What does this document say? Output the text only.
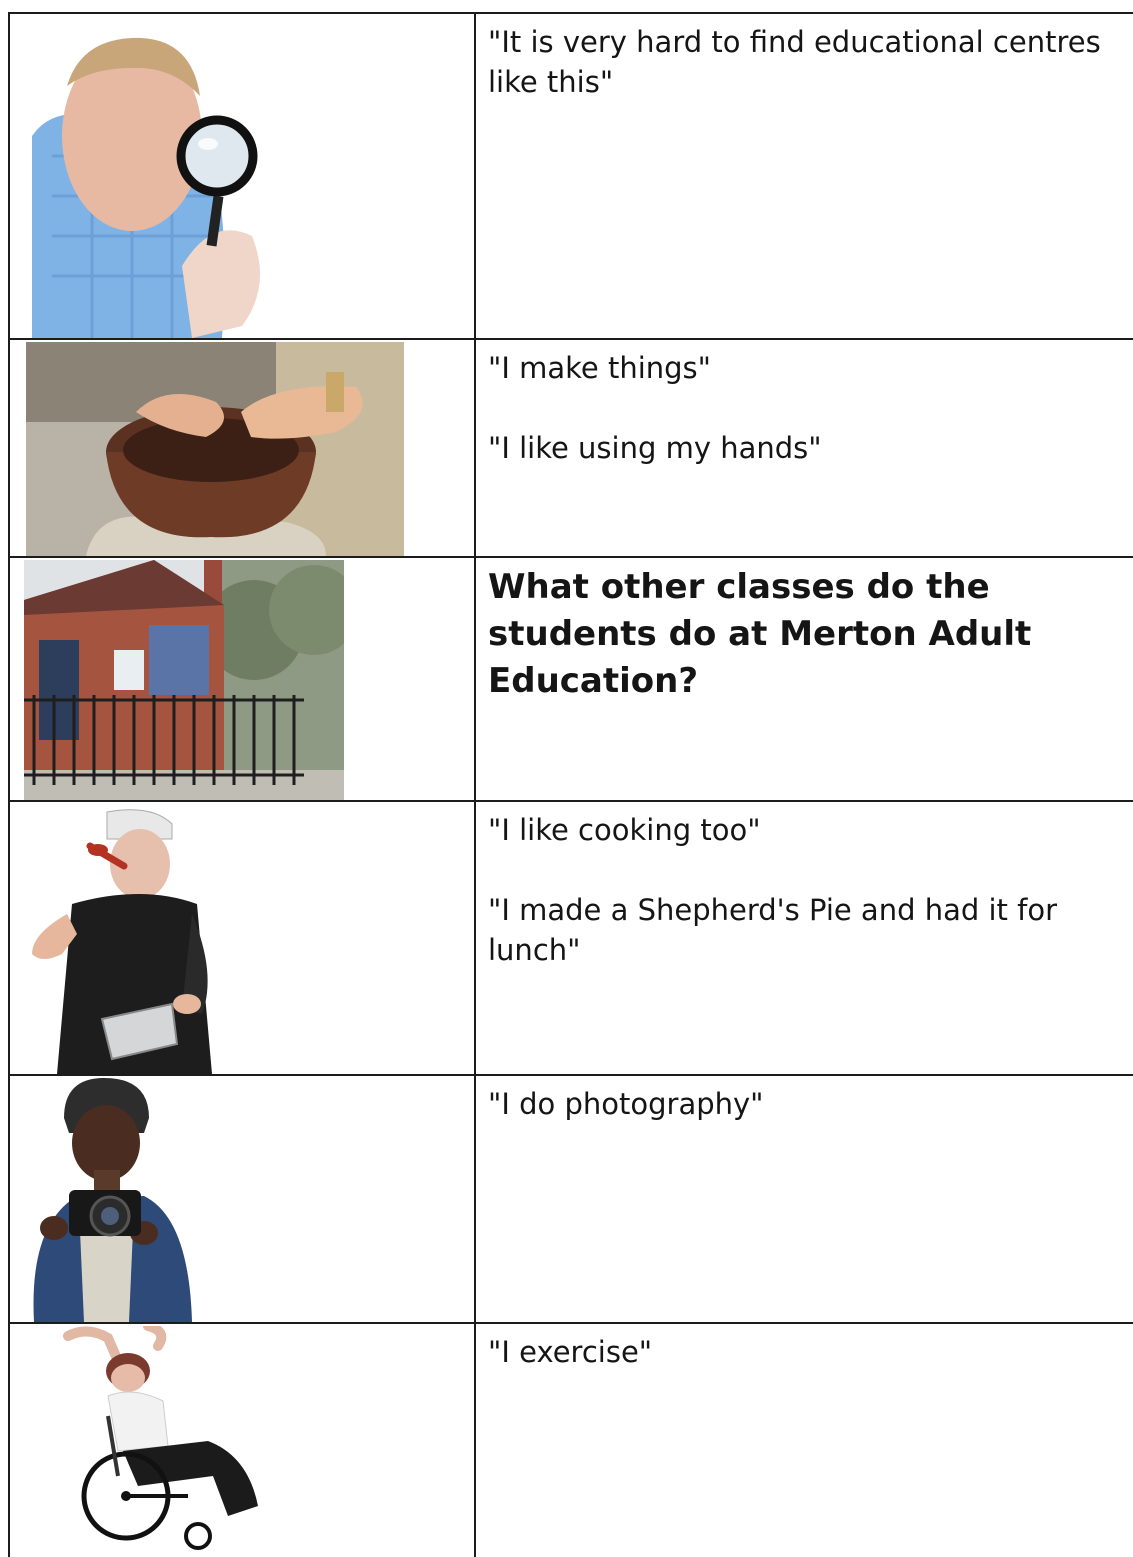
"It is very hard to find educational centres like this"

"I make things"

"I like using my hands"

What other classes do the students do at Merton Adult Education?

"I like cooking too"

"I made a Shepherd's Pie and had it for lunch"

"I do photography"

"I exercise"
